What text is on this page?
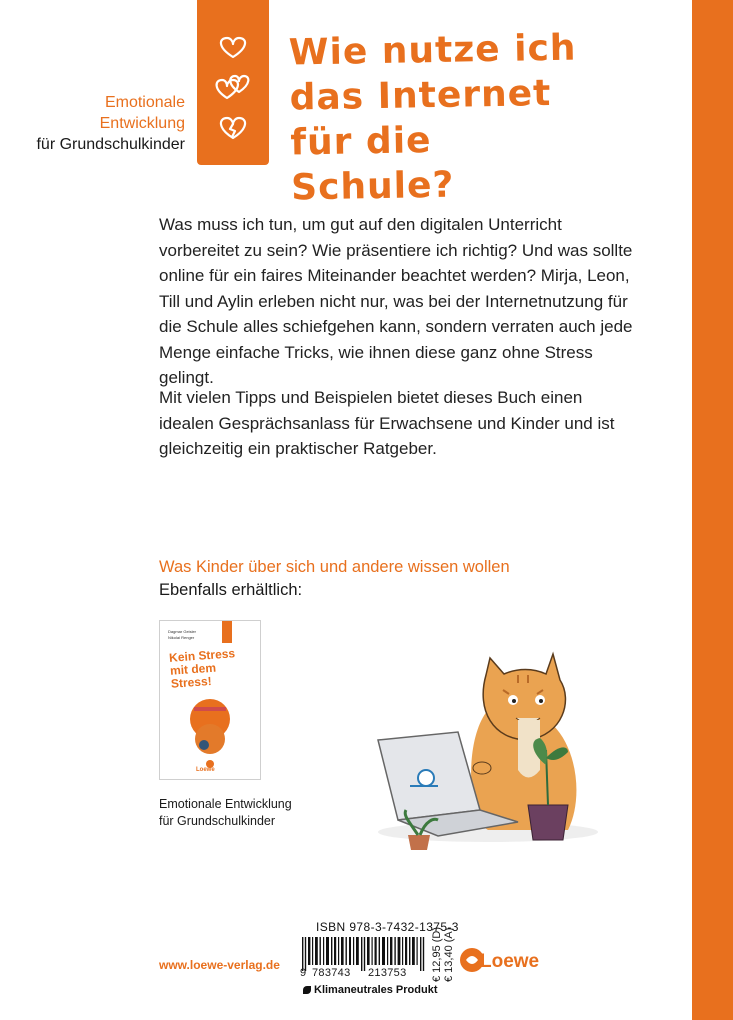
Emotionale
Entwicklung
für Grundschulkinder
Wie nutze ich
das Internet
für die Schule?

Was muss ich tun, um gut auf den digitalen Unterricht vorbereitet zu sein? Wie präsentiere ich richtig? Und was sollte online für ein faires Miteinander beachtet werden? Mirja, Leon, Till und Aylin erleben nicht nur, was bei der Internetnutzung für die Schule alles schiefgehen kann, sondern verraten auch jede Menge einfache Tricks, wie ihnen diese ganz ohne Stress gelingt.

Mit vielen Tipps und Beispielen bietet dieses Buch einen idealen Gesprächsanlass für Erwachsene und Kinder und ist gleichzeitig ein praktischer Ratgeber.

Was Kinder über sich und andere wissen wollen
Ebenfalls erhältlich:
Dagmar Geisler
Nikolai Renger
Kein Stress mit dem Stress!
Loewe
Emotionale Entwicklung
für Grundschulkinder
ISBN 978-3-7432-1375-3
9 783743 213753 € 12,95 (D) € 13,40 (A)
Klimaneutrales Produkt
www.loewe-verlag.de	Loewe
